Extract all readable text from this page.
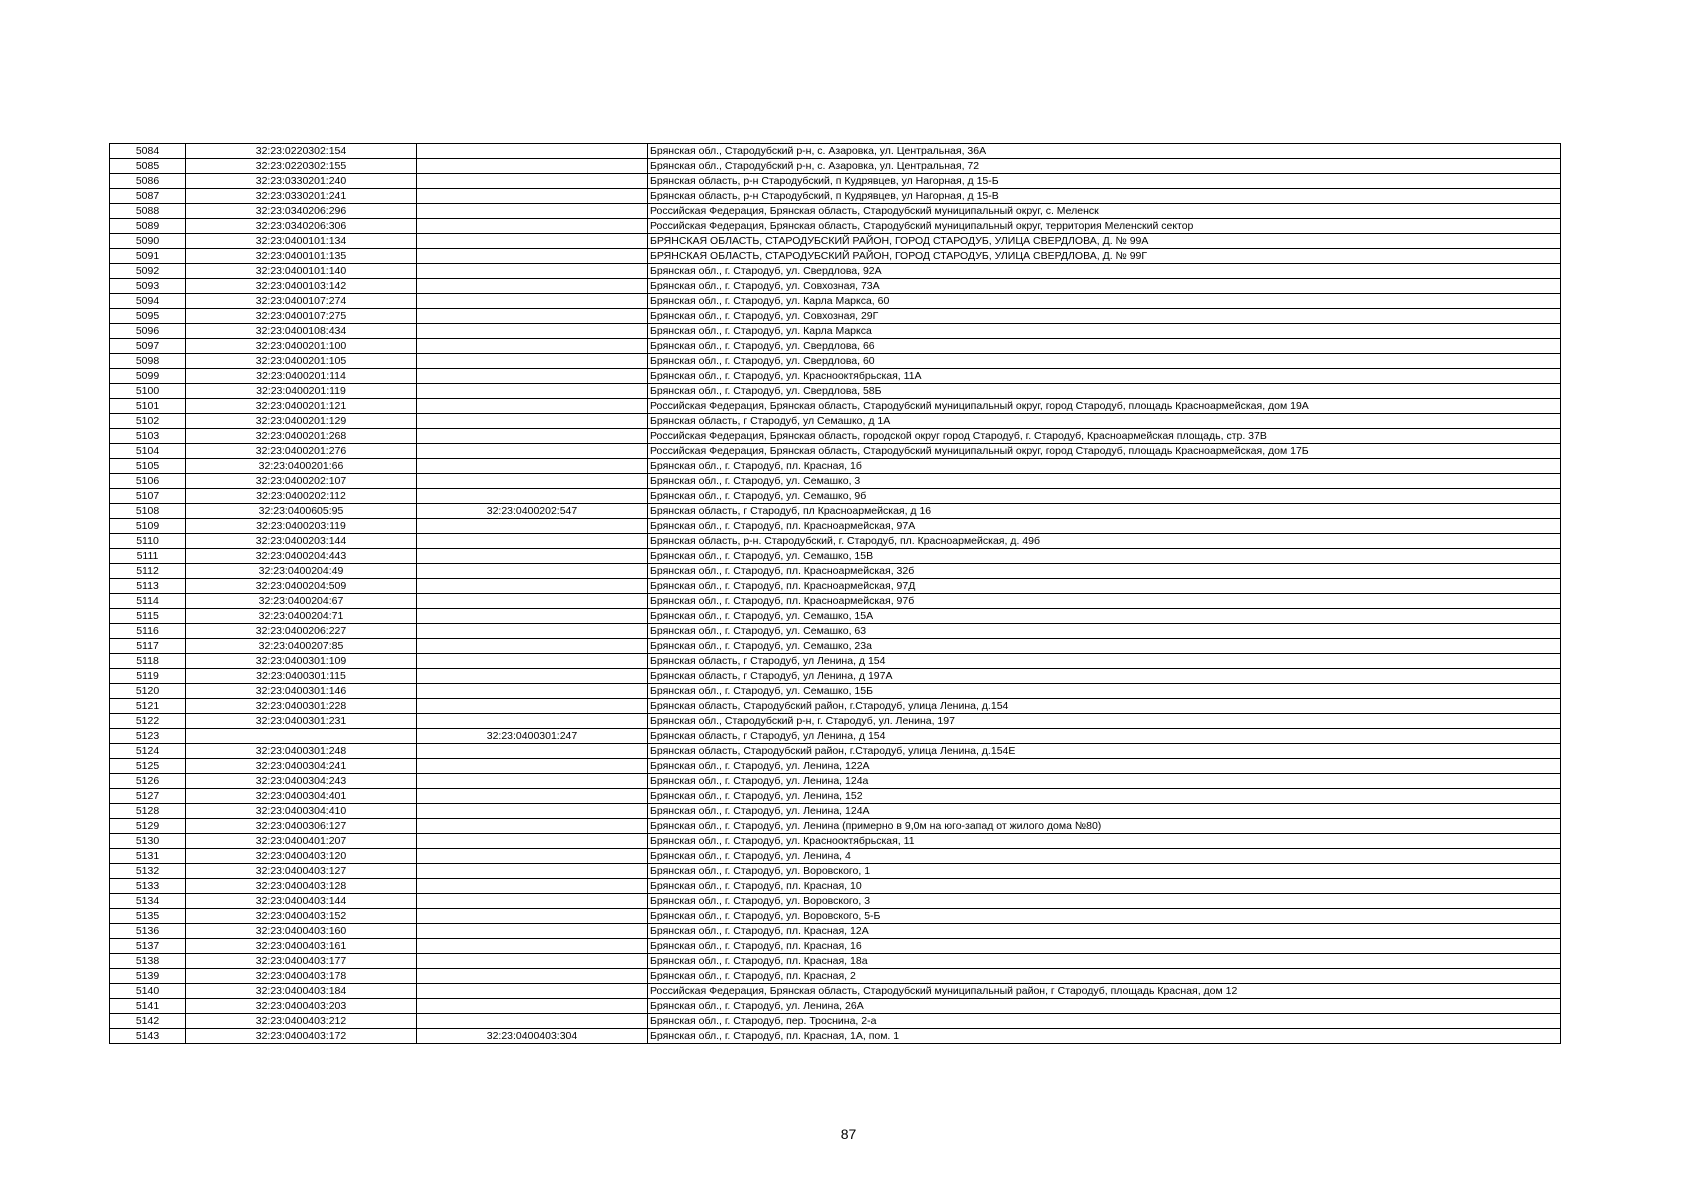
5084	32:23:0220302:154		Брянская обл., Стародубский р-н, с. Азаровка, ул. Центральная, 36А
5085	32:23:0220302:155		Брянская обл., Стародубский р-н, с. Азаровка, ул. Центральная, 72
5086	32:23:0330201:240		Брянская область, р-н Стародубский, п Кудрявцев, ул Нагорная, д 15-Б
5087	32:23:0330201:241		Брянская область, р-н Стародубский, п Кудрявцев, ул Нагорная, д 15-В
5088	32:23:0340206:296		Российская Федерация, Брянская область, Стародубский муниципальный округ, с. Меленск
5089	32:23:0340206:306		Российская Федерация, Брянская область, Стародубский муниципальный округ, территория Меленский сектор
5090	32:23:0400101:134		БРЯНСКАЯ ОБЛАСТЬ, СТАРОДУБСКИЙ РАЙОН, ГОРОД СТАРОДУБ, УЛИЦА СВЕРДЛОВА, Д. № 99А
5091	32:23:0400101:135		БРЯНСКАЯ ОБЛАСТЬ, СТАРОДУБСКИЙ РАЙОН, ГОРОД СТАРОДУБ, УЛИЦА СВЕРДЛОВА, Д. № 99Г
5092	32:23:0400101:140		Брянская обл., г. Стародуб, ул. Свердлова, 92А
5093	32:23:0400103:142		Брянская обл., г. Стародуб, ул. Совхозная, 73А
5094	32:23:0400107:274		Брянская обл., г. Стародуб, ул. Карла Маркса, 60
5095	32:23:0400107:275		Брянская обл., г. Стародуб, ул. Совхозная, 29Г
5096	32:23:0400108:434		Брянская обл., г. Стародуб, ул. Карла Маркса
5097	32:23:0400201:100		Брянская обл., г. Стародуб, ул. Свердлова, 66
5098	32:23:0400201:105		Брянская обл., г. Стародуб, ул. Свердлова, 60
5099	32:23:0400201:114		Брянская обл., г. Стародуб, ул. Краснооктябрьская, 11А
5100	32:23:0400201:119		Брянская обл., г. Стародуб, ул. Свердлова, 58Б
5101	32:23:0400201:121		Российская Федерация, Брянская область, Стародубский муниципальный округ, город Стародуб, площадь Красноармейская, дом 19А
5102	32:23:0400201:129		Брянская область, г Стародуб, ул Семашко, д 1А
5103	32:23:0400201:268		Российская Федерация, Брянская область, городской округ город Стародуб, г. Стародуб, Красноармейская площадь, стр. 37В
5104	32:23:0400201:276		Российская Федерация, Брянская область, Стародубский муниципальный округ, город Стародуб, площадь Красноармейская, дом 17Б
5105	32:23:0400201:66		Брянская обл., г. Стародуб, пл. Красная, 1б
5106	32:23:0400202:107		Брянская обл., г. Стародуб, ул. Семашко, 3
5107	32:23:0400202:112		Брянская обл., г. Стародуб, ул. Семашко, 9б
5108	32:23:0400605:95	32:23:0400202:547	Брянская область, г Стародуб, пл Красноармейская, д 16
5109	32:23:0400203:119		Брянская обл., г. Стародуб, пл. Красноармейская, 97А
5110	32:23:0400203:144		Брянская область, р-н. Стародубский, г. Стародуб, пл. Красноармейская, д. 49б
5111	32:23:0400204:443		Брянская обл., г. Стародуб, ул. Семашко, 15В
5112	32:23:0400204:49		Брянская обл., г. Стародуб, пл. Красноармейская, 32б
5113	32:23:0400204:509		Брянская обл., г. Стародуб, пл. Красноармейская, 97Д
5114	32:23:0400204:67		Брянская обл., г. Стародуб, пл. Красноармейская, 97б
5115	32:23:0400204:71		Брянская обл., г. Стародуб, ул. Семашко, 15А
5116	32:23:0400206:227		Брянская обл., г. Стародуб, ул. Семашко, 63
5117	32:23:0400207:85		Брянская обл., г. Стародуб, ул. Семашко, 23а
5118	32:23:0400301:109		Брянская область, г Стародуб, ул Ленина, д 154
5119	32:23:0400301:115		Брянская область, г Стародуб, ул Ленина, д 197А
5120	32:23:0400301:146		Брянская обл., г. Стародуб, ул. Семашко, 15Б
5121	32:23:0400301:228		Брянская область, Стародубский район, г.Стародуб, улица Ленина, д.154
5122	32:23:0400301:231		Брянская обл., Стародубский р-н, г. Стародуб, ул. Ленина, 197
5123		32:23:0400301:247	Брянская область, г Стародуб, ул Ленина, д 154
5124	32:23:0400301:248		Брянская область, Стародубский район, г.Стародуб, улица Ленина, д.154Е
5125	32:23:0400304:241		Брянская обл., г. Стародуб, ул. Ленина, 122А
5126	32:23:0400304:243		Брянская обл., г. Стародуб, ул. Ленина, 124а
5127	32:23:0400304:401		Брянская обл., г. Стародуб, ул. Ленина, 152
5128	32:23:0400304:410		Брянская обл., г. Стародуб, ул. Ленина, 124А
5129	32:23:0400306:127		Брянская обл., г. Стародуб, ул. Ленина (примерно в 9,0м на юго-запад от жилого дома №80)
5130	32:23:0400401:207		Брянская обл., г. Стародуб, ул. Краснооктябрьская, 11
5131	32:23:0400403:120		Брянская обл., г. Стародуб, ул. Ленина, 4
5132	32:23:0400403:127		Брянская обл., г. Стародуб, ул. Воровского, 1
5133	32:23:0400403:128		Брянская обл., г. Стародуб, пл. Красная, 10
5134	32:23:0400403:144		Брянская обл., г. Стародуб, ул. Воровского, 3
5135	32:23:0400403:152		Брянская обл., г. Стародуб, ул. Воровского, 5-Б
5136	32:23:0400403:160		Брянская обл., г. Стародуб, пл. Красная, 12А
5137	32:23:0400403:161		Брянская обл., г. Стародуб, пл. Красная, 16
5138	32:23:0400403:177		Брянская обл., г. Стародуб, пл. Красная, 18а
5139	32:23:0400403:178		Брянская обл., г. Стародуб, пл. Красная, 2
5140	32:23:0400403:184		Российская Федерация, Брянская область, Стародубский муниципальный район, г Стародуб, площадь Красная, дом 12
5141	32:23:0400403:203		Брянская обл., г. Стародуб, ул. Ленина, 26А
5142	32:23:0400403:212		Брянская обл., г. Стародуб, пер. Троснина, 2-а
5143	32:23:0400403:172	32:23:0400403:304	Брянская обл., г. Стародуб, пл. Красная, 1А, пом. 1
87
